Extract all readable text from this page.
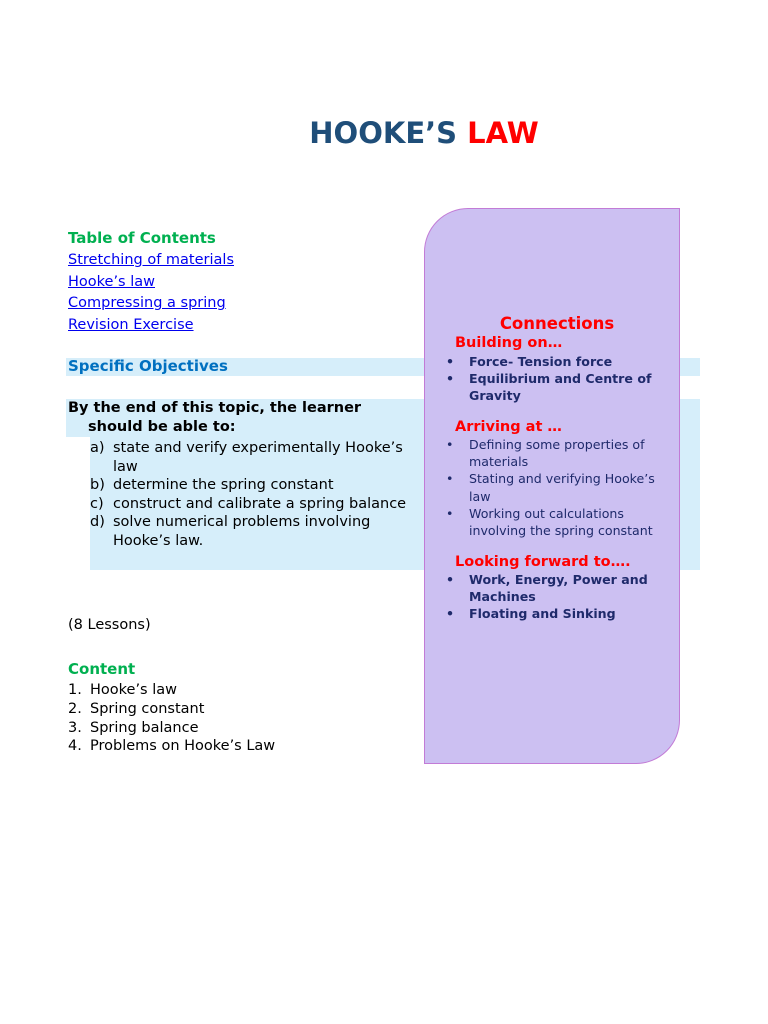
HOOKE’S LAW
Table of Contents
Stretching of materials
Hooke’s law
Compressing a spring
Revision Exercise
Specific Objectives
By the end of this topic, the learner
should be able to:
a) state and verify experimentally Hooke’s law
b) determine the spring constant
c) construct and calibrate a spring balance
d) solve numerical problems involving Hooke’s law.
(8 Lessons)
Content
1. Hooke’s law
2. Spring constant
3. Spring balance
4. Problems on Hooke’s Law
Connections
Building on…
• Force- Tension force
• Equilibrium and Centre of Gravity
Arriving at …
• Defining some properties of materials
• Stating and verifying Hooke’s law
• Working out calculations involving the spring constant
Looking forward to….
• Work, Energy, Power and Machines
• Floating and Sinking
